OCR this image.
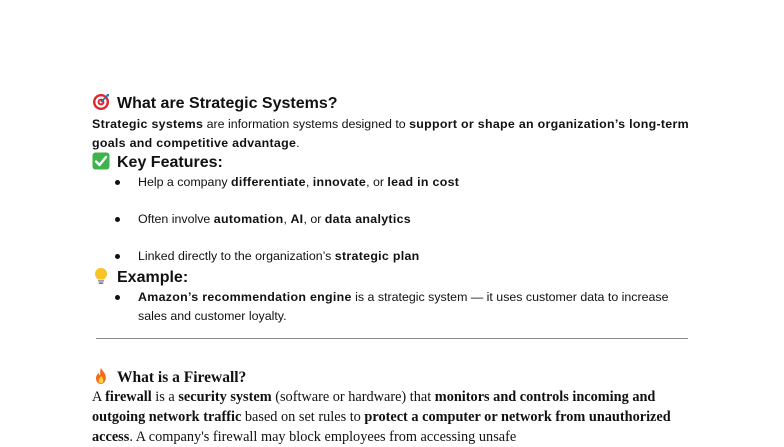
What are Strategic Systems?

Strategic systems are information systems designed to support or shape an organization’s long-term goals and competitive advantage.

Key Features:
Help a company differentiate, innovate, or lead in cost
Often involve automation, AI, or data analytics
Linked directly to the organization’s strategic plan
Example:
Amazon’s recommendation engine is a strategic system — it uses customer data to increase sales and customer loyalty.
What is a Firewall?

A firewall is a security system (software or hardware) that monitors and controls incoming and outgoing network traffic based on set rules to protect a computer or network from unauthorized access. A company's firewall may block employees from accessing unsafe
